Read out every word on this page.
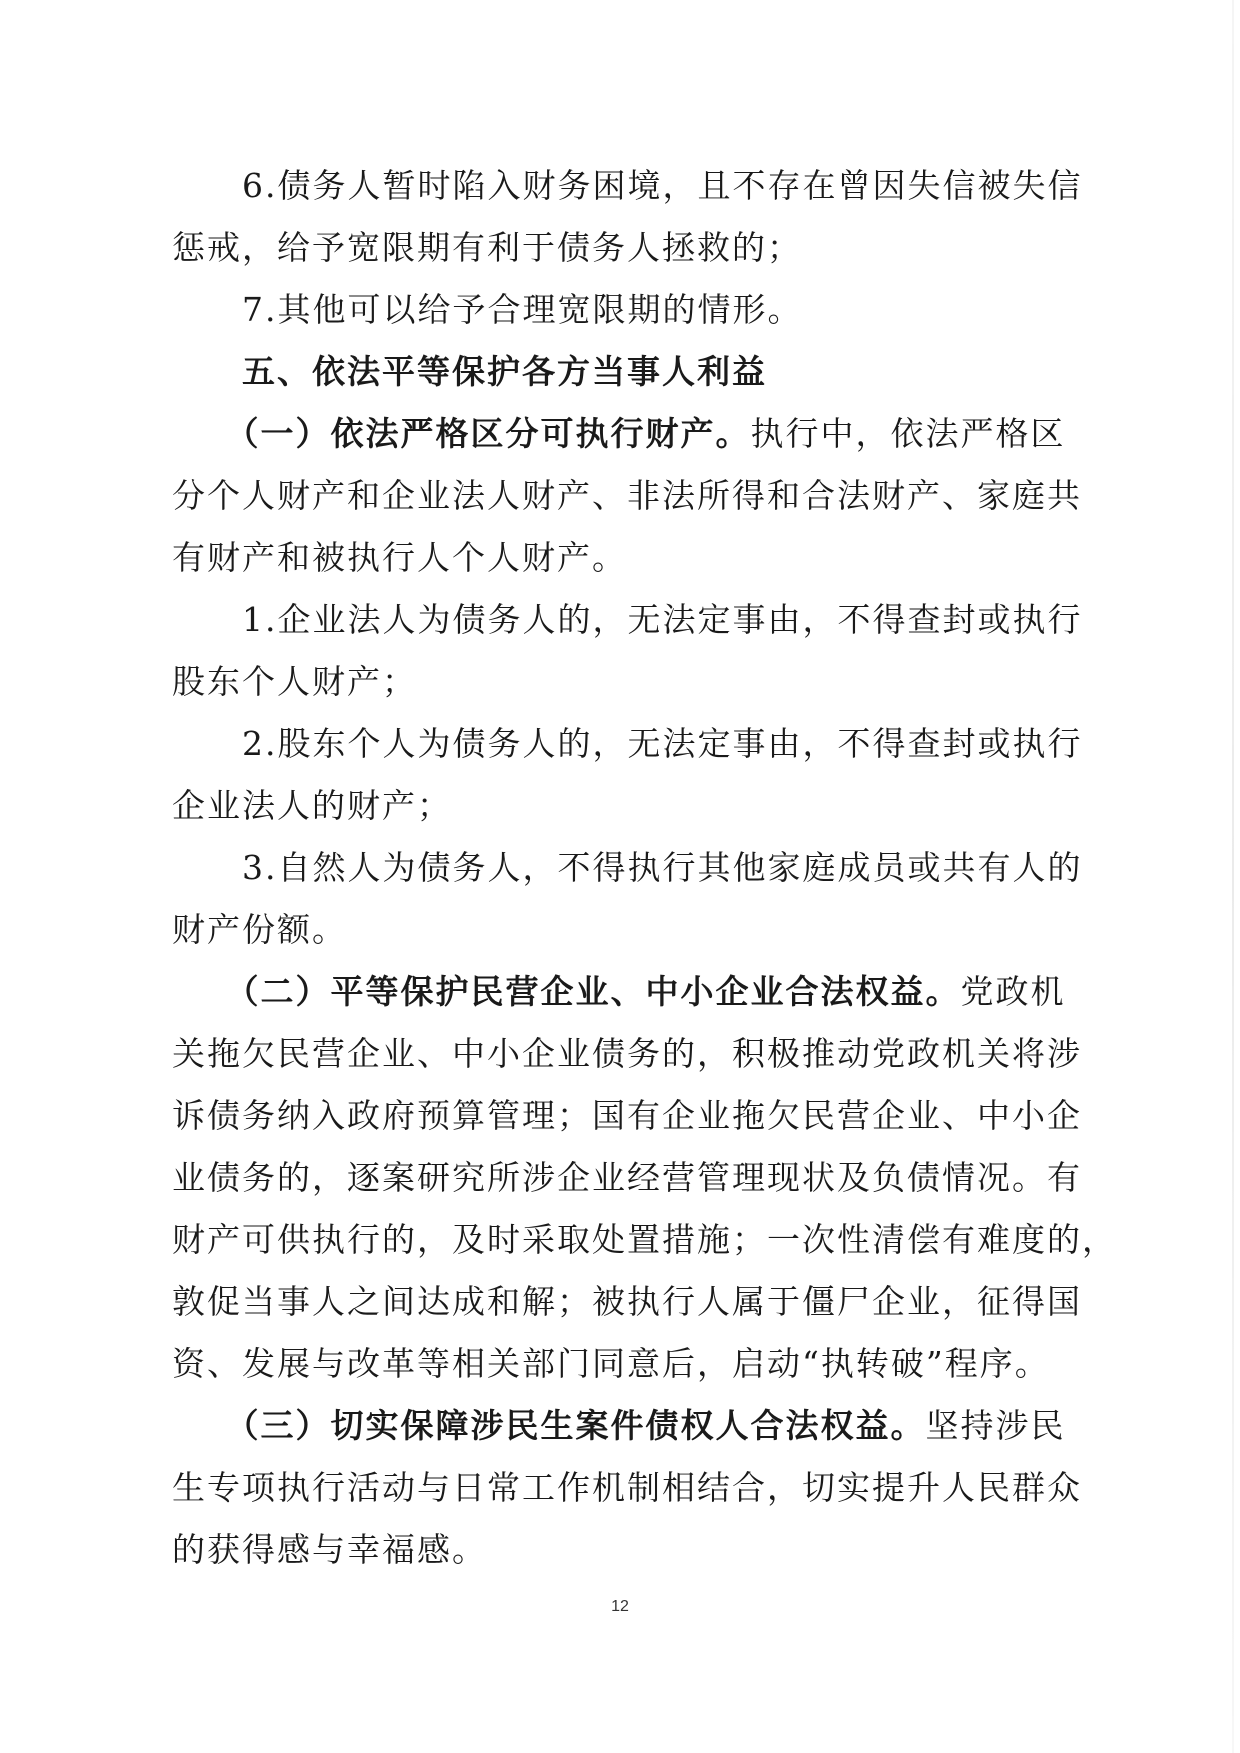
　　6.债务人暂时陷入财务困境，且不存在曾因失信被失信
惩戒，给予宽限期有利于债务人拯救的；
　　7.其他可以给予合理宽限期的情形。
　　五、依法平等保护各方当事人利益
　　（一）依法严格区分可执行财产。执行中，依法严格区
分个人财产和企业法人财产、非法所得和合法财产、家庭共
有财产和被执行人个人财产。
　　1.企业法人为债务人的，无法定事由，不得查封或执行
股东个人财产；
　　2.股东个人为债务人的，无法定事由，不得查封或执行
企业法人的财产；
　　3.自然人为债务人，不得执行其他家庭成员或共有人的
财产份额。
　　（二）平等保护民营企业、中小企业合法权益。党政机
关拖欠民营企业、中小企业债务的，积极推动党政机关将涉
诉债务纳入政府预算管理；国有企业拖欠民营企业、中小企
业债务的，逐案研究所涉企业经营管理现状及负债情况。有
财产可供执行的，及时采取处置措施；一次性清偿有难度的，
敦促当事人之间达成和解；被执行人属于僵尸企业，征得国
资、发展与改革等相关部门同意后，启动“执转破”程序。
　　（三）切实保障涉民生案件债权人合法权益。坚持涉民
生专项执行活动与日常工作机制相结合，切实提升人民群众
的获得感与幸福感。
12
